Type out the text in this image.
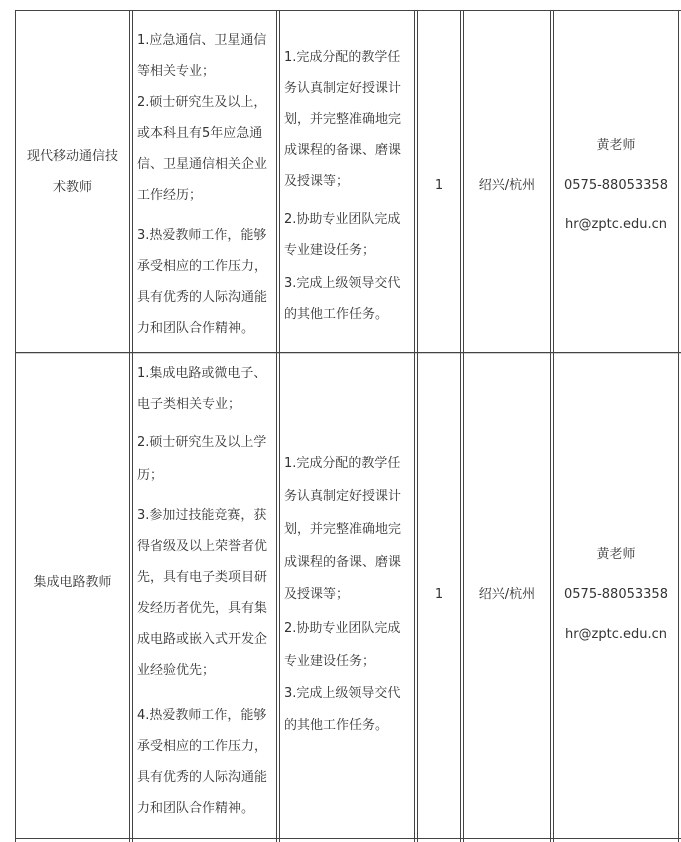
现代移动通信技
术教师
1.应急通信、卫星通信
等相关专业；
2.硕士研究生及以上，
或本科且有5年应急通
信、卫星通信相关企业
工作经历；
3.热爱教师工作，能够
承受相应的工作压力，
具有优秀的人际沟通能
力和团队合作精神。
1.完成分配的教学任
务认真制定好授课计
划，并完整准确地完
成课程的备课、磨课
及授课等；
2.协助专业团队完成
专业建设任务；
3.完成上级领导交代
的其他工作任务。
1	绍兴/杭州
黄老师
0575-88053358
hr@zptc.edu.cn
集成电路教师
1.集成电路或微电子、
电子类相关专业；
2.硕士研究生及以上学
历；
3.参加过技能竞赛，获
得省级及以上荣誉者优
先，具有电子类项目研
发经历者优先，具有集
成电路或嵌入式开发企
业经验优先；
4.热爱教师工作，能够
承受相应的工作压力，
具有优秀的人际沟通能
力和团队合作精神。
1.完成分配的教学任
务认真制定好授课计
划，并完整准确地完
成课程的备课、磨课
及授课等；
2.协助专业团队完成
专业建设任务；
3.完成上级领导交代
的其他工作任务。
1	绍兴/杭州
黄老师
0575-88053358
hr@zptc.edu.cn
